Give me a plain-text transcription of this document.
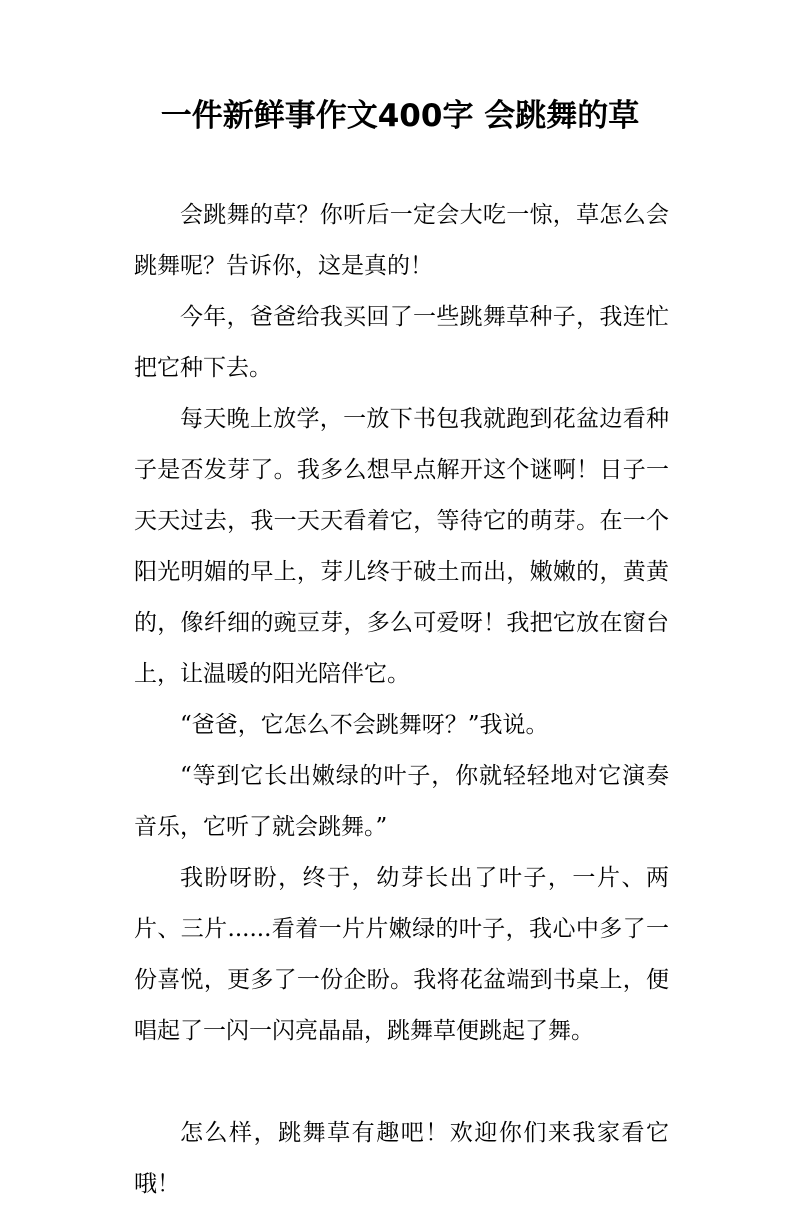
一件新鲜事作文400字 会跳舞的草

会跳舞的草？你听后一定会大吃一惊，草怎么会跳舞呢？告诉你，这是真的！

今年，爸爸给我买回了一些跳舞草种子，我连忙把它种下去。

每天晚上放学，一放下书包我就跑到花盆边看种子是否发芽了。我多么想早点解开这个谜啊！日子一天天过去，我一天天看着它，等待它的萌芽。在一个阳光明媚的早上，芽儿终于破土而出，嫩嫩的，黄黄的，像纤细的豌豆芽，多么可爱呀！我把它放在窗台上，让温暖的阳光陪伴它。

“爸爸，它怎么不会跳舞呀？”我说。

“等到它长出嫩绿的叶子，你就轻轻地对它演奏音乐，它听了就会跳舞。”

我盼呀盼，终于，幼芽长出了叶子，一片、两片、三片......看着一片片嫩绿的叶子，我心中多了一份喜悦，更多了一份企盼。我将花盆端到书桌上，便唱起了一闪一闪亮晶晶，跳舞草便跳起了舞。

怎么样，跳舞草有趣吧！欢迎你们来我家看它哦！
